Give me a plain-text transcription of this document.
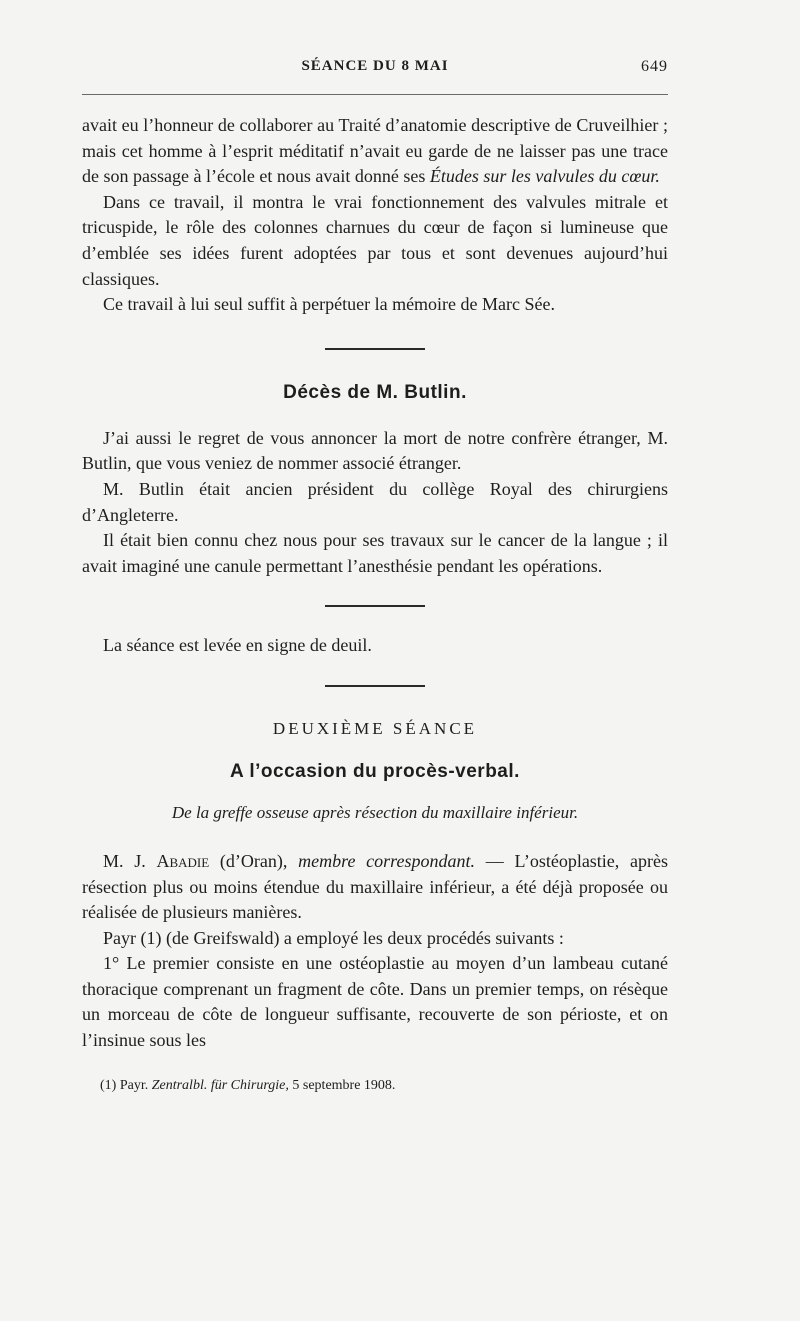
SÉANCE DU 8 MAI	649

avait eu l’honneur de collaborer au Traité d’anatomie descriptive de Cruveilhier ; mais cet homme à l’esprit méditatif n’avait eu garde de ne laisser pas une trace de son passage à l’école et nous avait donné ses Études sur les valvules du cœur.

Dans ce travail, il montra le vrai fonctionnement des valvules mitrale et tricuspide, le rôle des colonnes charnues du cœur de façon si lumineuse que d’emblée ses idées furent adoptées par tous et sont devenues aujourd’hui classiques.

Ce travail à lui seul suffit à perpétuer la mémoire de Marc Sée.

Décès de M. Butlin.

J’ai aussi le regret de vous annoncer la mort de notre confrère étranger, M. Butlin, que vous veniez de nommer associé étranger.

M. Butlin était ancien président du collège Royal des chirurgiens d’Angleterre.

Il était bien connu chez nous pour ses travaux sur le cancer de la langue ; il avait imaginé une canule permettant l’anesthésie pendant les opérations.

La séance est levée en signe de deuil.

DEUXIÈME SÉANCE
A l’occasion du procès-verbal.
De la greffe osseuse après résection du maxillaire inférieur.

M. J. Abadie (d’Oran), membre correspondant. — L’ostéoplastie, après résection plus ou moins étendue du maxillaire inférieur, a été déjà proposée ou réalisée de plusieurs manières.

Payr (1) (de Greifswald) a employé les deux procédés suivants :

1° Le premier consiste en une ostéoplastie au moyen d’un lambeau cutané thoracique comprenant un fragment de côte. Dans un premier temps, on résèque un morceau de côte de longueur suffisante, recouverte de son périoste, et on l’insinue sous les

(1) Payr. Zentralbl. für Chirurgie, 5 septembre 1908.
